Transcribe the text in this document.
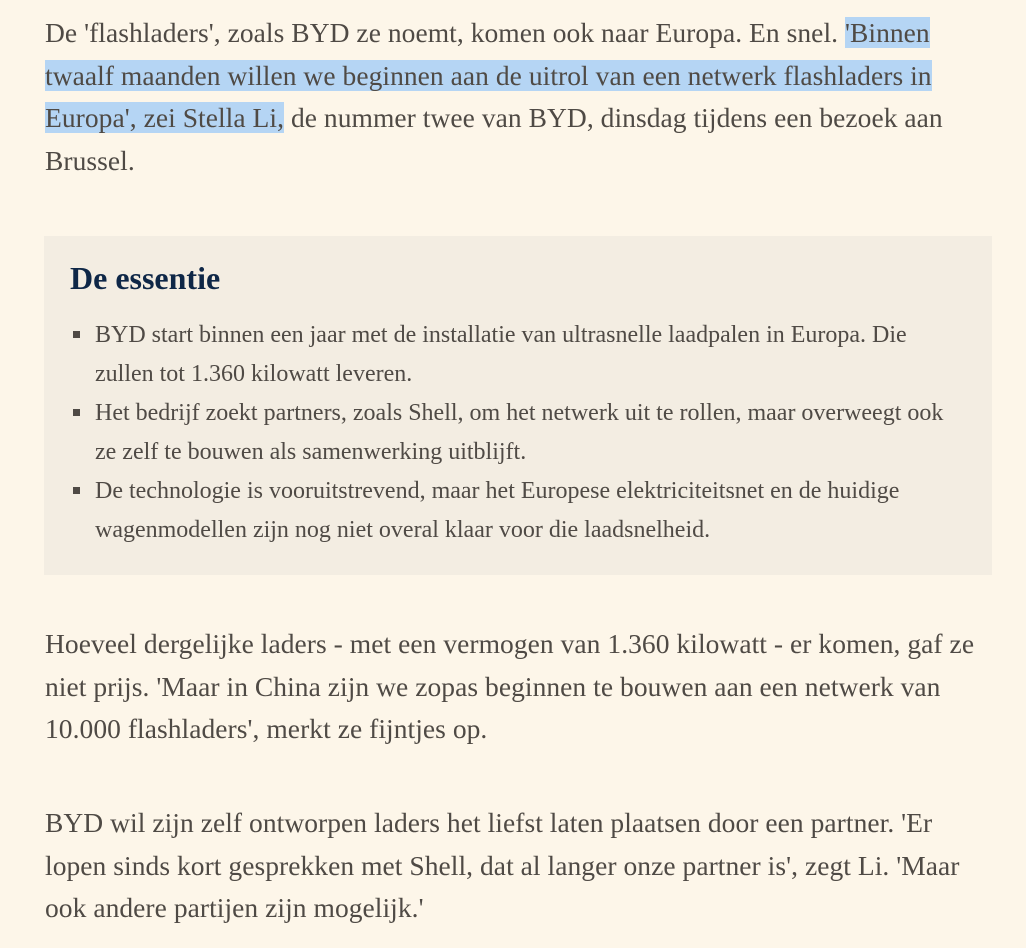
De 'flashladers', zoals BYD ze noemt, komen ook naar Europa. En snel. 'Binnen twaalf maanden willen we beginnen aan de uitrol van een netwerk flashladers in Europa', zei Stella Li, de nummer twee van BYD, dinsdag tijdens een bezoek aan Brussel.

De essentie
BYD start binnen een jaar met de installatie van ultrasnelle laadpalen in Europa. Die zullen tot 1.360 kilowatt leveren.
Het bedrijf zoekt partners, zoals Shell, om het netwerk uit te rollen, maar overweegt ook ze zelf te bouwen als samenwerking uitblijft.
De technologie is vooruitstrevend, maar het Europese elektriciteitsnet en de huidige wagenmodellen zijn nog niet overal klaar voor die laadsnelheid.

Hoeveel dergelijke laders - met een vermogen van 1.360 kilowatt - er komen, gaf ze niet prijs. 'Maar in China zijn we zopas beginnen te bouwen aan een netwerk van 10.000 flashladers', merkt ze fijntjes op.

BYD wil zijn zelf ontworpen laders het liefst laten plaatsen door een partner. 'Er lopen sinds kort gesprekken met Shell, dat al langer onze partner is', zegt Li. 'Maar ook andere partijen zijn mogelijk.'
